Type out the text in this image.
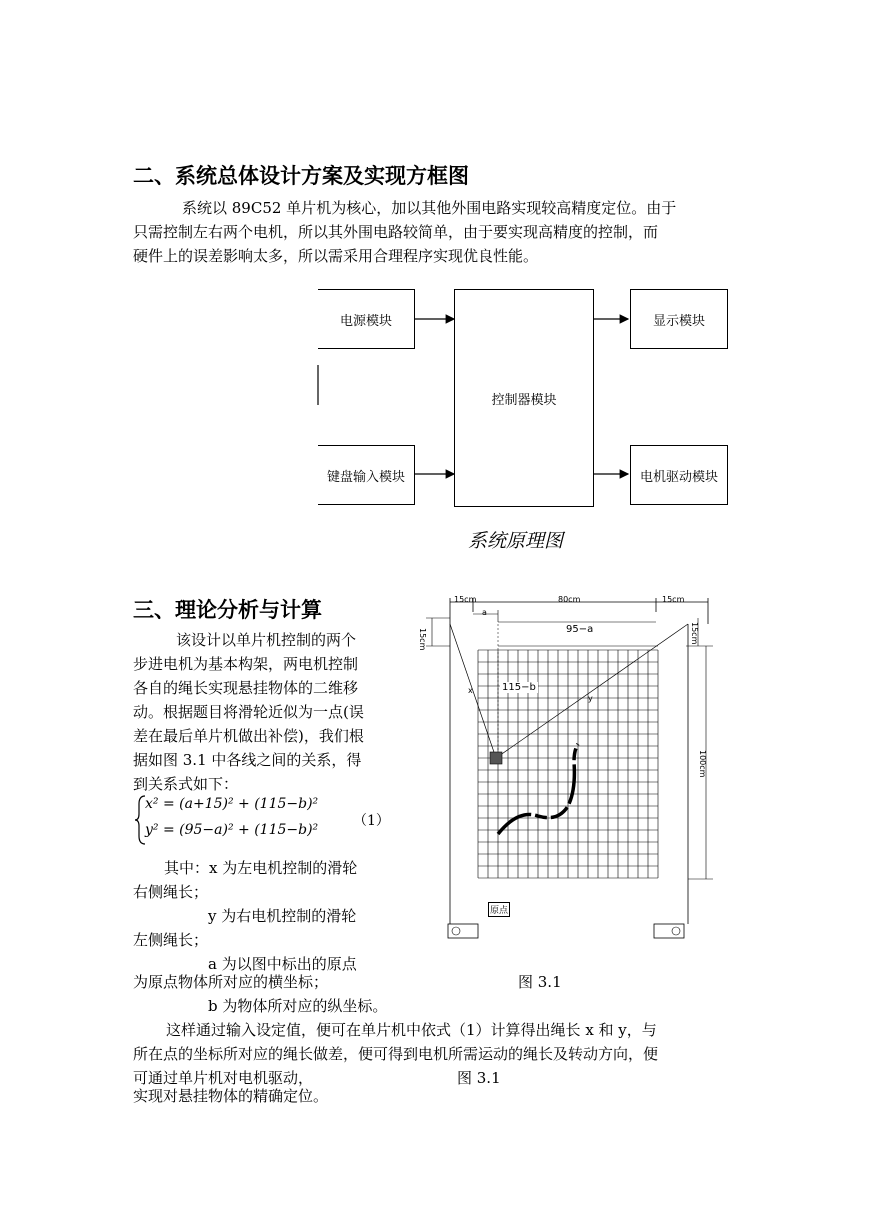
二、系统总体设计方案及实现方框图
系统以 89C52 单片机为核心，加以其他外围电路实现较高精度定位。由于
只需控制左右两个电机，所以其外围电路较简单，由于要实现高精度的控制，而
硬件上的误差影响太多，所以需采用合理程序实现优良性能。
电源模块
控制器模块
显示模块
键盘输入模块	电机驱动模块
系统原理图
三、理论分析与计算
该设计以单片机控制的两个
步进电机为基本构架，两电机控制
各自的绳长实现悬挂物体的二维移
动。根据题目将滑轮近似为一点(误
差在最后单片机做出补偿)，我们根
据如图 3.1 中各线之间的关系，得
到关系式如下：
x² = (a+15)² + (115−b)²
y² = (95−a)² + (115−b)²
（1）
其中：x 为左电机控制的滑轮
右侧绳长；
y 为右电机控制的滑轮
左侧绳长；
a 为以图中标出的原点
为原点物体所对应的横坐标；
b 为物体所对应的纵坐标。
图 3.1
这样通过输入设定值，便可在单片机中依式（1）计算得出绳长 x 和 y，与
所在点的坐标所对应的绳长做差，便可得到电机所需运动的绳长及转动方向，便
可通过单片机对电机驱动，	图 3.1
实现对悬挂物体的精确定位。
15cm	80cm	15cm
a
95−a
15cm	15cm
100cm
115−b
x
y
原点
